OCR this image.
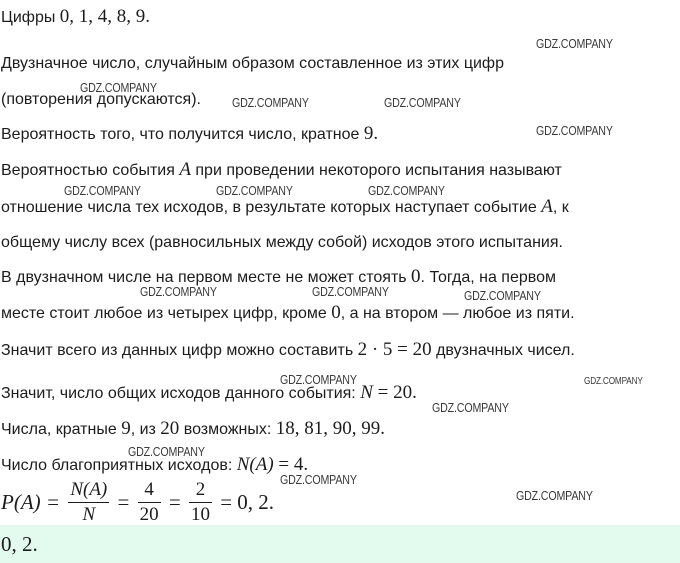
Цифры 0, 1, 4, 8, 9.
Двузначное число, случайным образом составленное из этих цифр
(повторения допускаются).
Вероятность того, что получится число, кратное 9.
Вероятностью события A при проведении некоторого испытания называют
отношение числа тех исходов, в результате которых наступает событие A, к
общему числу всех (равносильных между собой) исходов этого испытания.
В двузначном числе на первом месте не может стоять 0. Тогда, на первом
месте стоит любое из четырех цифр, кроме 0, а на втором — любое из пяти.
Значит всего из данных цифр можно составить 2 · 5 = 20 двузначных чисел.
Значит, число общих исходов данного события: N = 20.
Числа, кратные 9, из 20 возможных: 18, 81, 90, 99.
Число благоприятных исходов: N(A) = 4.
$P(A) = \frac{N(A)}{N} = \frac{4}{20} = \frac{2}{10} = 0$, 2.
0, 2.
GDZ.COMPANY
GDZ.COMPANY
GDZ.COMPANY	GDZ.COMPANY
GDZ.COMPANY
GDZ.COMPANY	GDZ.COMPANY	GDZ.COMPANY
GDZ.COMPANY	GDZ.COMPANY	GDZ.COMPANY
GDZ.COMPANY	GDZ.COMPANY
GDZ.COMPANY
GDZ.COMPANY
GDZ.COMPANY
GDZ.COMPANY
